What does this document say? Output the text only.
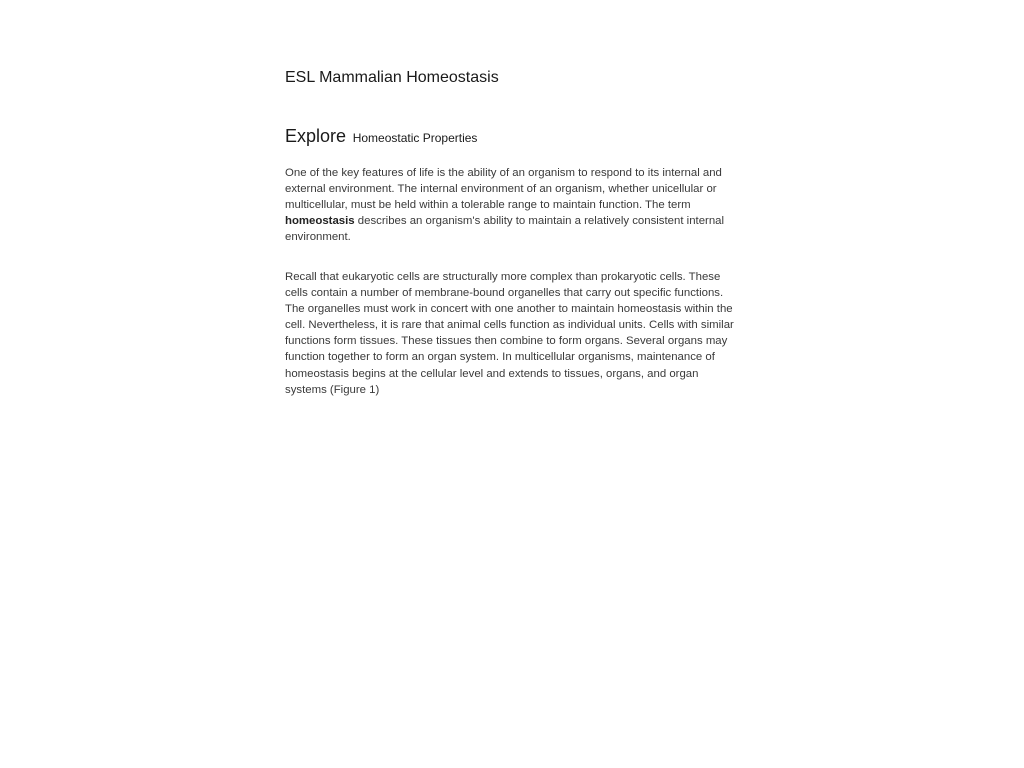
ESL Mammalian Homeostasis
Explore Homeostatic Properties

One of the key features of life is the ability of an organism to respond to its internal and external environment. The internal environment of an organism, whether unicellular or multicellular, must be held within a tolerable range to maintain function. The term homeostasis describes an organism's ability to maintain a relatively consistent internal environment.

Recall that eukaryotic cells are structurally more complex than prokaryotic cells. These cells contain a number of membrane-bound organelles that carry out specific functions. The organelles must work in concert with one another to maintain homeostasis within the cell. Nevertheless, it is rare that animal cells function as individual units. Cells with similar functions form tissues. These tissues then combine to form organs. Several organs may function together to form an organ system. In multicellular organisms, maintenance of homeostasis begins at the cellular level and extends to tissues, organs, and organ systems (Figure 1)
